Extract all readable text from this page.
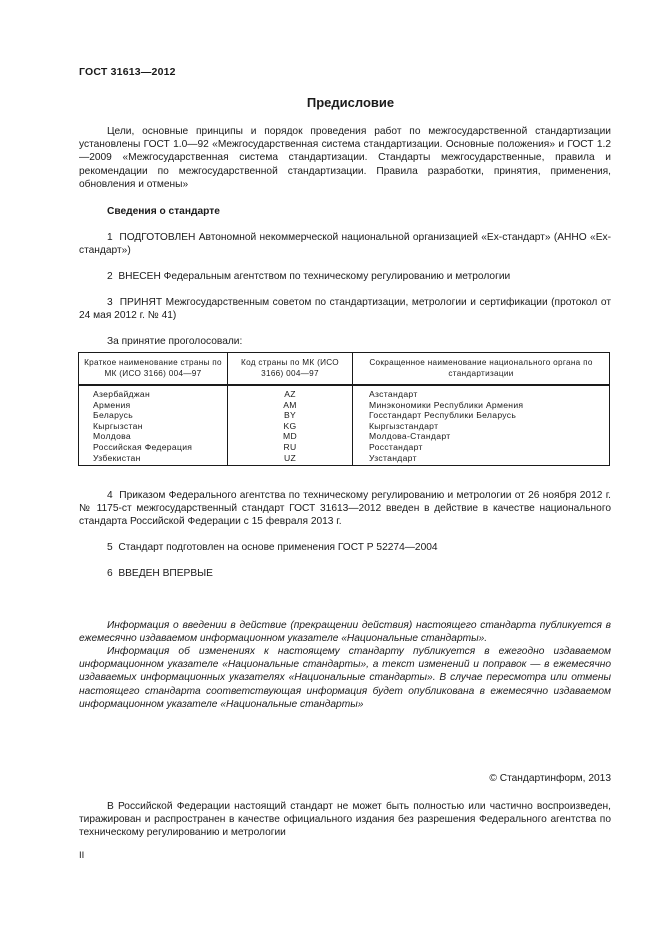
ГОСТ 31613—2012
Предисловие

Цели, основные принципы и порядок проведения работ по межгосударственной стандартизации установлены ГОСТ 1.0—92 «Межгосударственная система стандартизации. Основные положения» и ГОСТ 1.2—2009 «Межгосударственная система стандартизации. Стандарты межгосударственные, правила и рекомендации по межгосударственной стандартизации. Правила разработки, принятия, применения, обновления и отмены»

Сведения о стандарте

1 ПОДГОТОВЛЕН Автономной некоммерческой национальной организацией «Ех-стандарт» (АННО «Ех-стандарт»)

2 ВНЕСЕН Федеральным агентством по техническому регулированию и метрологии

3 ПРИНЯТ Межгосударственным советом по стандартизации, метрологии и сертификации (протокол от 24 мая 2012 г. № 41)

За принятие проголосовали:

Краткое наименование страны по МК (ИСО 3166) 004—97	Код страны по МК (ИСО 3166) 004—97	Сокращенное наименование национального органа по стандартизации
Азербайджан	AZ	Азстандарт
Армения	AM	Минэкономики Республики Армения
Беларусь	BY	Госстандарт Республики Беларусь
Кыргызстан	KG	Кыргызстандарт
Молдова	MD	Молдова-Стандарт
Российская Федерация	RU	Росстандарт
Узбекистан	UZ	Узстандарт

4 Приказом Федерального агентства по техническому регулированию и метрологии от 26 ноября 2012 г. № 1175-ст межгосударственный стандарт ГОСТ 31613—2012 введен в действие в качестве национального стандарта Российской Федерации с 15 февраля 2013 г.

5 Стандарт подготовлен на основе применения ГОСТ Р 52274—2004

6 ВВЕДЕН ВПЕРВЫЕ

Информация о введении в действие (прекращении действия) настоящего стандарта публикуется в ежемесячно издаваемом информационном указателе «Национальные стандарты».

Информация об изменениях к настоящему стандарту публикуется в ежегодно издаваемом информационном указателе «Национальные стандарты», а текст изменений и поправок — в ежемесячно издаваемых информационных указателях «Национальные стандарты». В случае пересмотра или отмены настоящего стандарта соответствующая информация будет опубликована в ежемесячно издаваемом информационном указателе «Национальные стандарты»

© Стандартинформ, 2013

В Российской Федерации настоящий стандарт не может быть полностью или частично воспроизведен, тиражирован и распространен в качестве официального издания без разрешения Федерального агентства по техническому регулированию и метрологии

II
